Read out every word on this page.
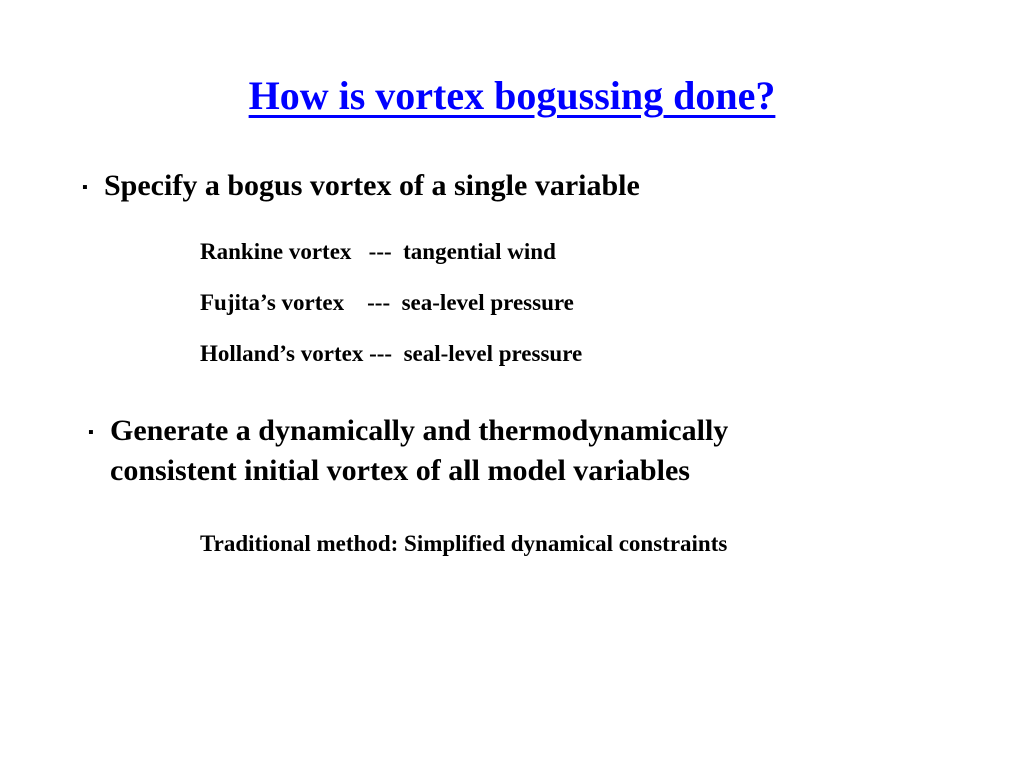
How is vortex bogussing done?
▪ Specify a bogus vortex of a single variable
Rankine vortex   ---  tangential wind
Fujita’s vortex    ---  sea-level pressure
Holland’s vortex ---  seal-level pressure
▪ Generate a dynamically and thermodynamically
consistent initial vortex of all model variables
Traditional method: Simplified dynamical constraints
